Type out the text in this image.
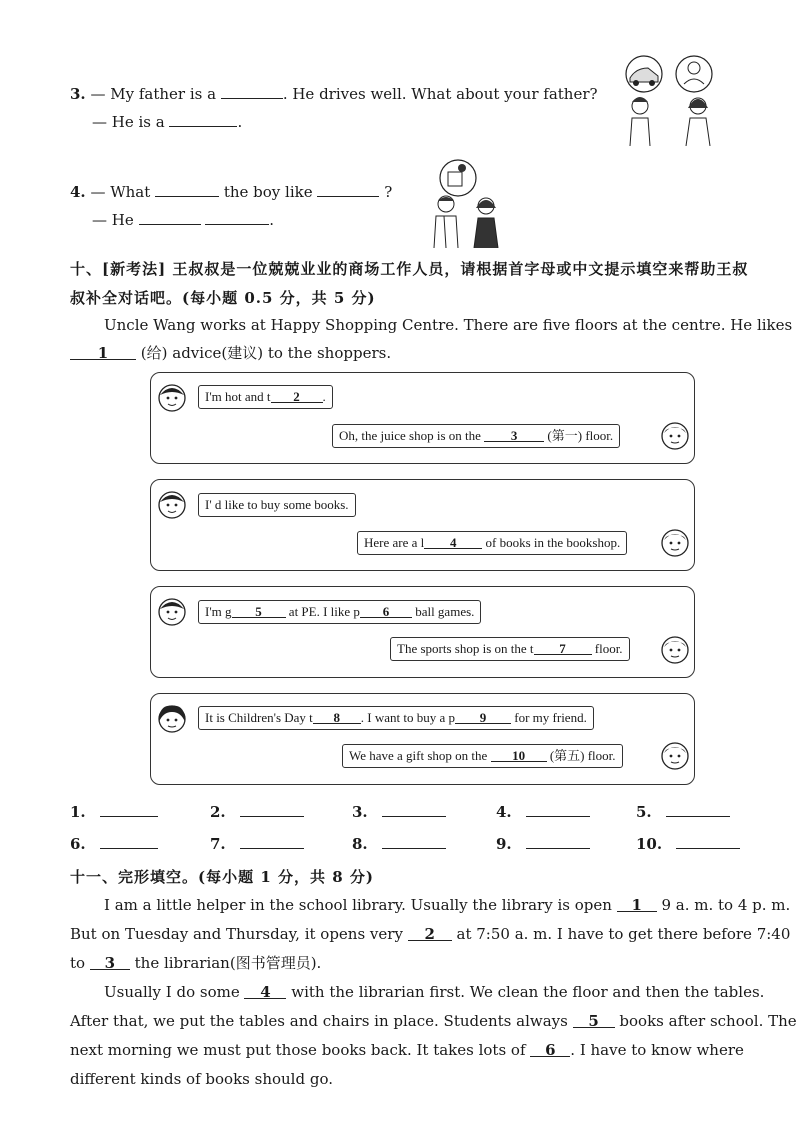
3. — My father is a	. He drives well. What about your father?
— He is a	.
4. — What	the boy like	?
— He	.
十、[新考法] 王叔叔是一位兢兢业业的商场工作人员，请根据首字母或中文提示填空来帮助王叔
叔补全对话吧。(每小题 0.5 分，共 5 分)
Uncle Wang works at Happy Shopping Centre. There are five floors at the centre. He likes
1 (给) advice(建议) to the shoppers.
I'm hot and t 2 .
Oh, the juice shop is on the 3 (第一) floor.
I' d like to buy some books.
Here are a l 4 of books in the bookshop.
I'm g 5 at PE. I like p 6 ball games.
The sports shop is on the t 7 floor.
It is Children's Day t 8 . I want to buy a p 9 for my friend.
We have a gift shop on the 10 (第五) floor.
1.	2.	3.	4.	5.
6.	7.	8.	9.	10.
十一、完形填空。(每小题 1 分，共 8 分)
I am a little helper in the school library. Usually the library is open 1 9 a. m. to 4 p. m.
But on Tuesday and Thursday, it opens very 2 at 7:50 a. m. I have to get there before 7:40
to 3 the librarian(图书管理员).
Usually I do some 4 with the librarian first. We clean the floor and then the tables.
After that, we put the tables and chairs in place. Students always 5 books after school. The
next morning we must put those books back. It takes lots of 6 . I have to know where
different kinds of books should go.
